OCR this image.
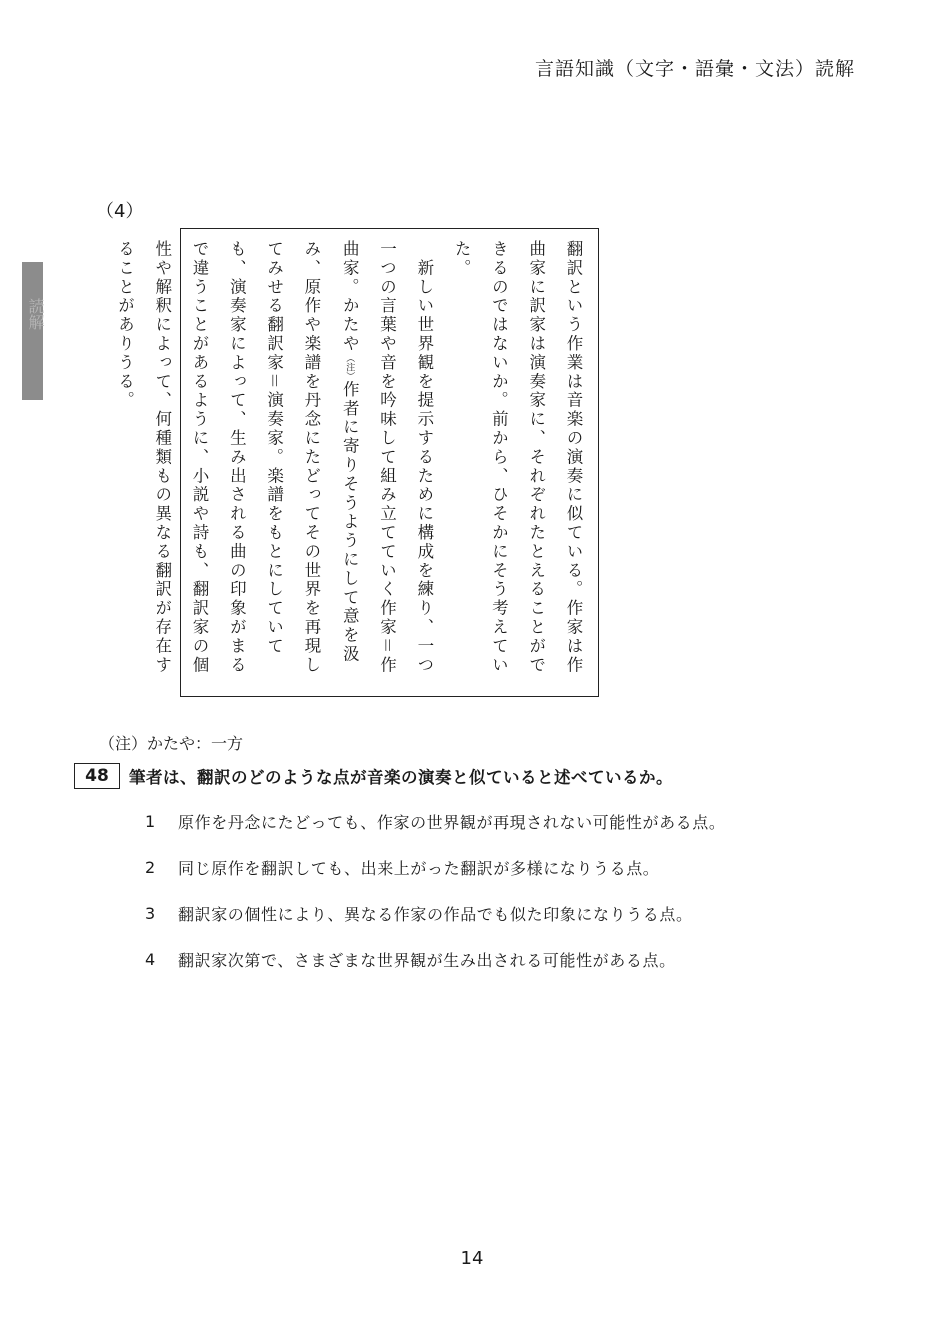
言語知識（文字・語彙・文法）読解
読解
（4）

翻訳という作業は音楽の演奏に似ている。作家は作曲家に訳家は演奏家に、それぞれたとえることができるのではないか。前から、ひそかにそう考えていた。

　新しい世界観を提示するために構成を練り、一つ一つの言葉や音を吟味して組み立てていく作家＝作曲家。かたや（注）作者に寄りそうようにして意を汲み、原作や楽譜を丹念にたどってその世界を再現してみせる翻訳家＝演奏家。楽譜をもとにしていても、演奏家によって、生み出される曲の印象がまるで違うことがあるように、小説や詩も、翻訳家の個性や解釈によって、何種類もの異なる翻訳が存在することがありうる。

（注）かたや：一方
48	筆者は、翻訳のどのような点が音楽の演奏と似ていると述べているか。
1	原作を丹念にたどっても、作家の世界観が再現されない可能性がある点。
2	同じ原作を翻訳しても、出来上がった翻訳が多様になりうる点。
3	翻訳家の個性により、異なる作家の作品でも似た印象になりうる点。
4	翻訳家次第で、さまざまな世界観が生み出される可能性がある点。
14
